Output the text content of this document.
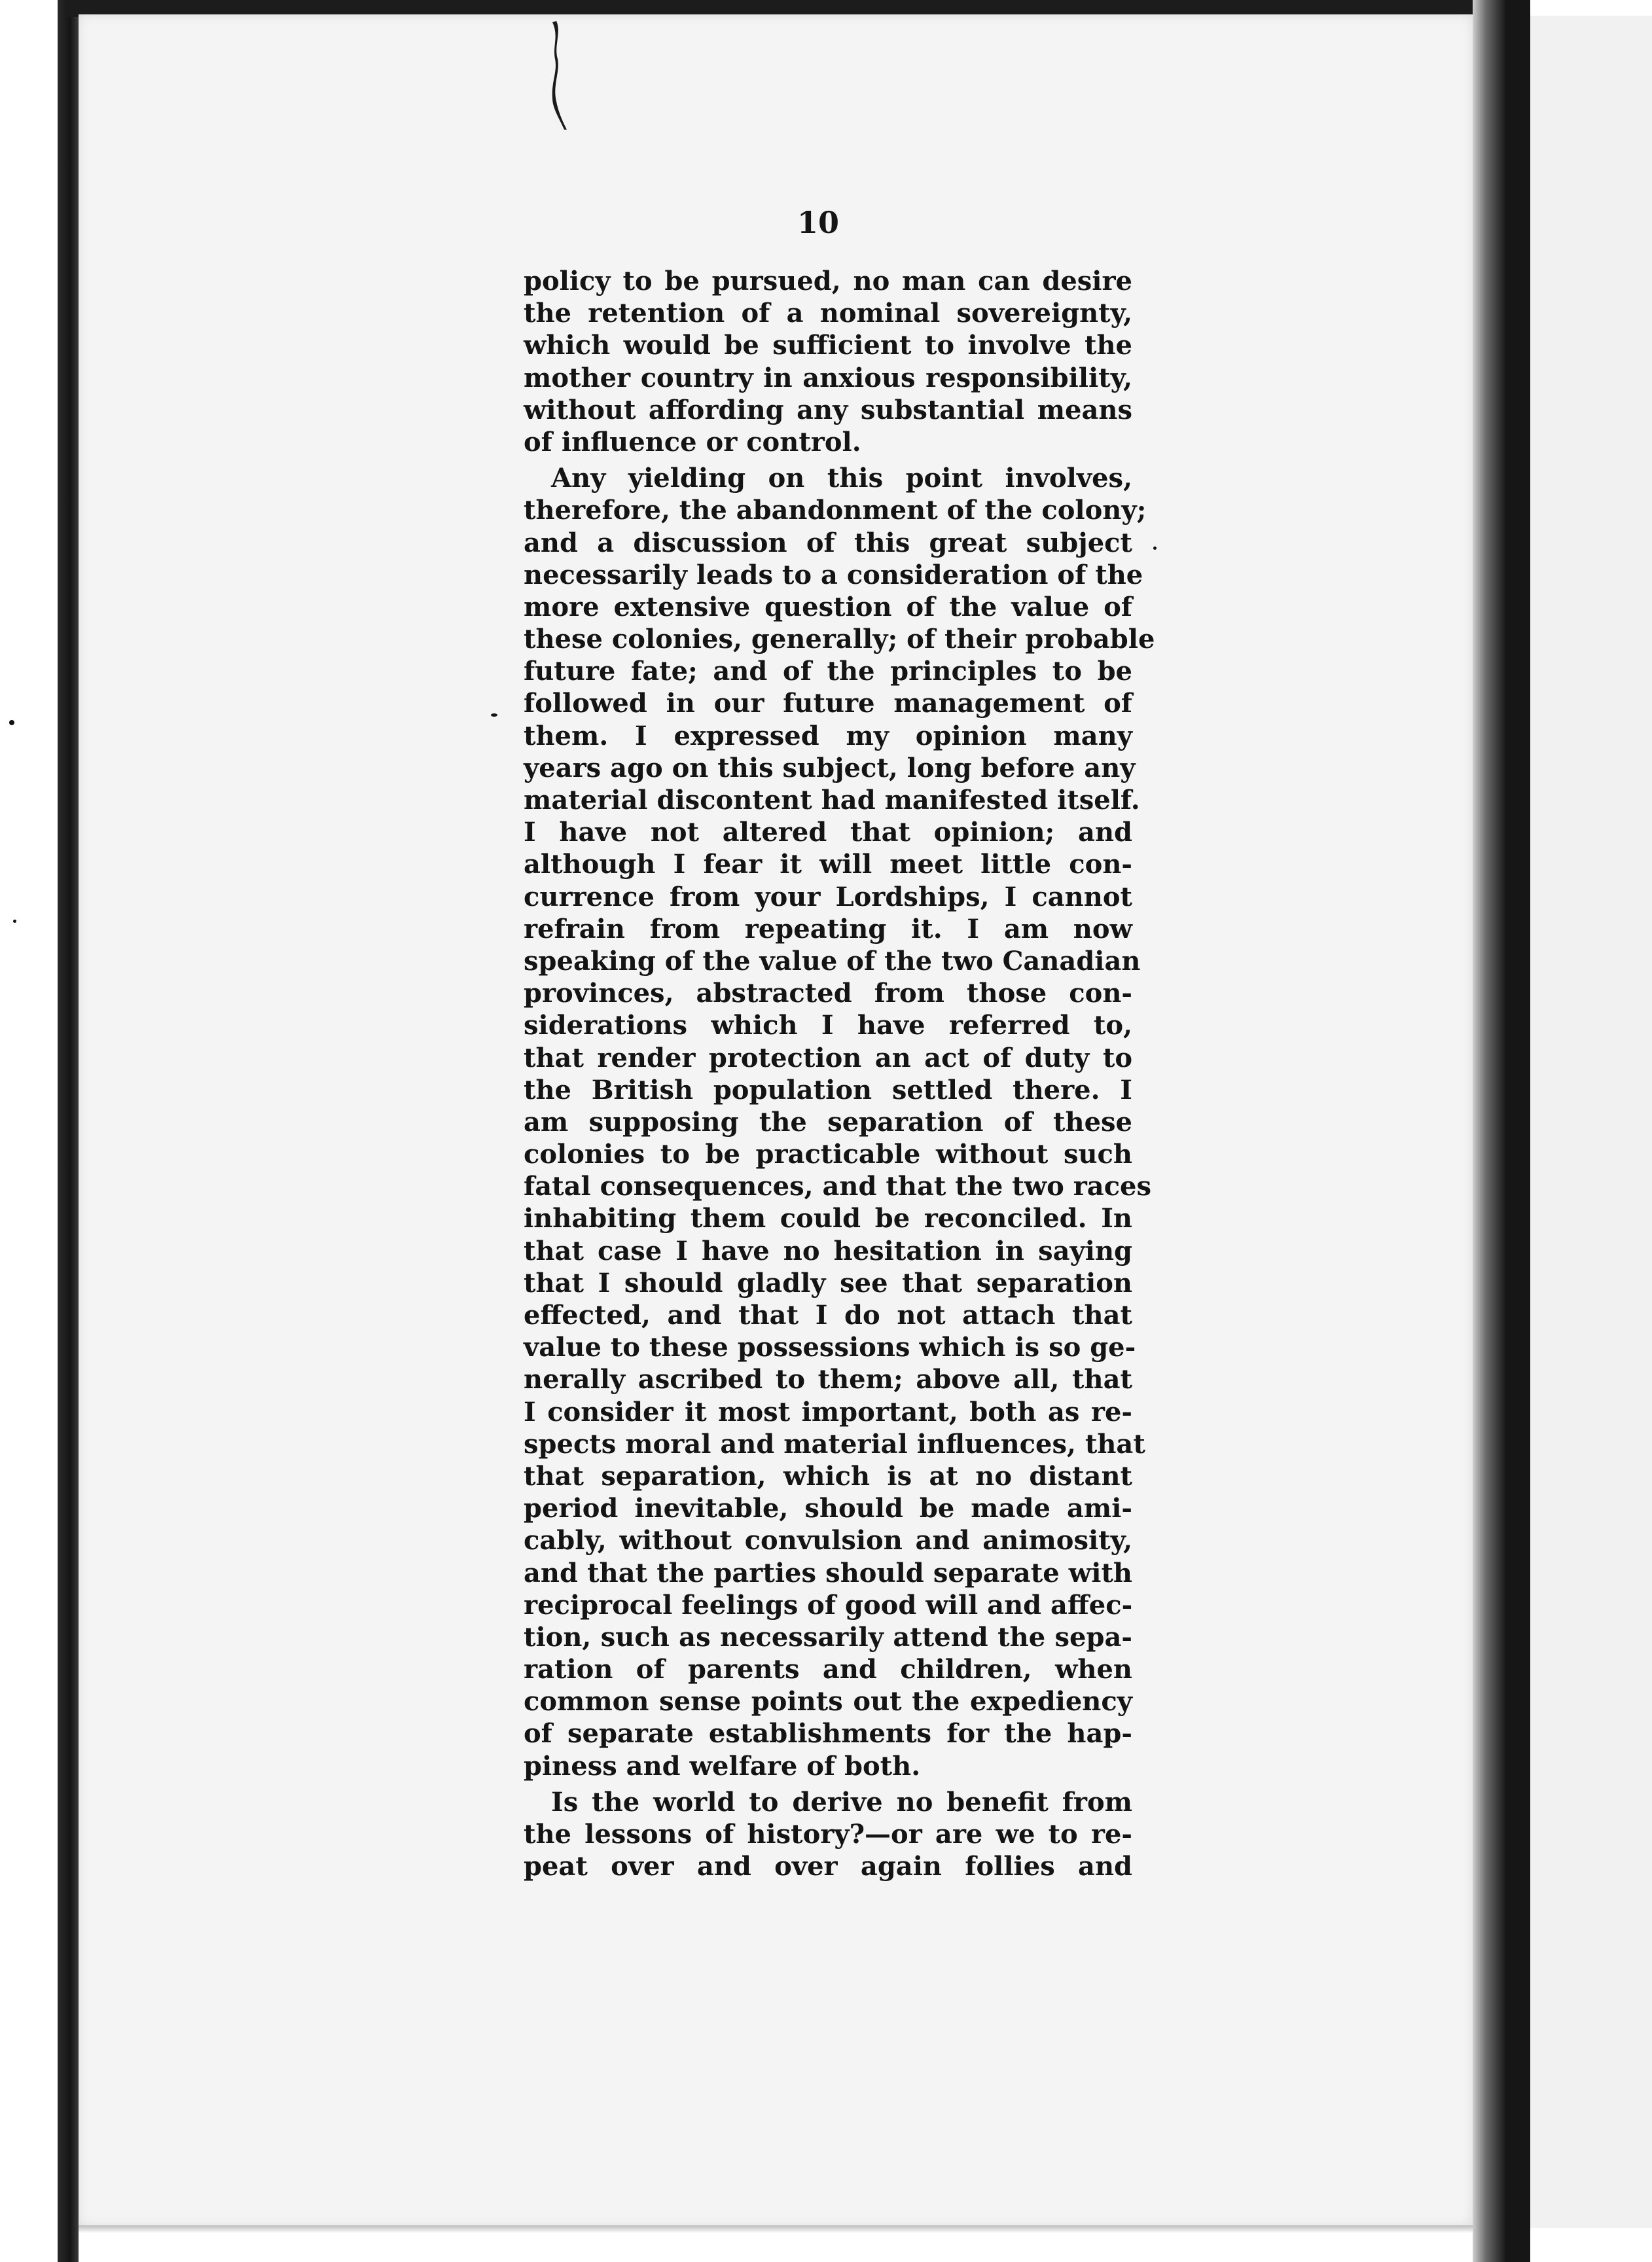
10

policy to be pursued, no man can desire
the retention of a nominal sovereignty,
which would be sufficient to involve the
mother country in anxious responsibility,
without affording any substantial means
of influence or control.
Any yielding on this point involves,
therefore, the abandonment of the colony;
and a discussion of this great subject
necessarily leads to a consideration of the
more extensive question of the value of
these colonies, generally; of their probable
future fate; and of the principles to be
followed in our future management of
them. I expressed my opinion many
years ago on this subject, long before any
material discontent had manifested itself.
I have not altered that opinion; and
although I fear it will meet little con-
currence from your Lordships, I cannot
refrain from repeating it. I am now
speaking of the value of the two Canadian
provinces, abstracted from those con-
siderations which I have referred to,
that render protection an act of duty to
the British population settled there. I
am supposing the separation of these
colonies to be practicable without such
fatal consequences, and that the two races
inhabiting them could be reconciled. In
that case I have no hesitation in saying
that I should gladly see that separation
effected, and that I do not attach that
value to these possessions which is so ge-
nerally ascribed to them; above all, that
I consider it most important, both as re-
spects moral and material influences, that
that separation, which is at no distant
period inevitable, should be made ami-
cably, without convulsion and animosity,
and that the parties should separate with
reciprocal feelings of good will and affec-
tion, such as necessarily attend the sepa-
ration of parents and children, when
common sense points out the expediency
of separate establishments for the hap-
piness and welfare of both.
Is the world to derive no benefit from
the lessons of history?—or are we to re-
peat over and over again follies and
